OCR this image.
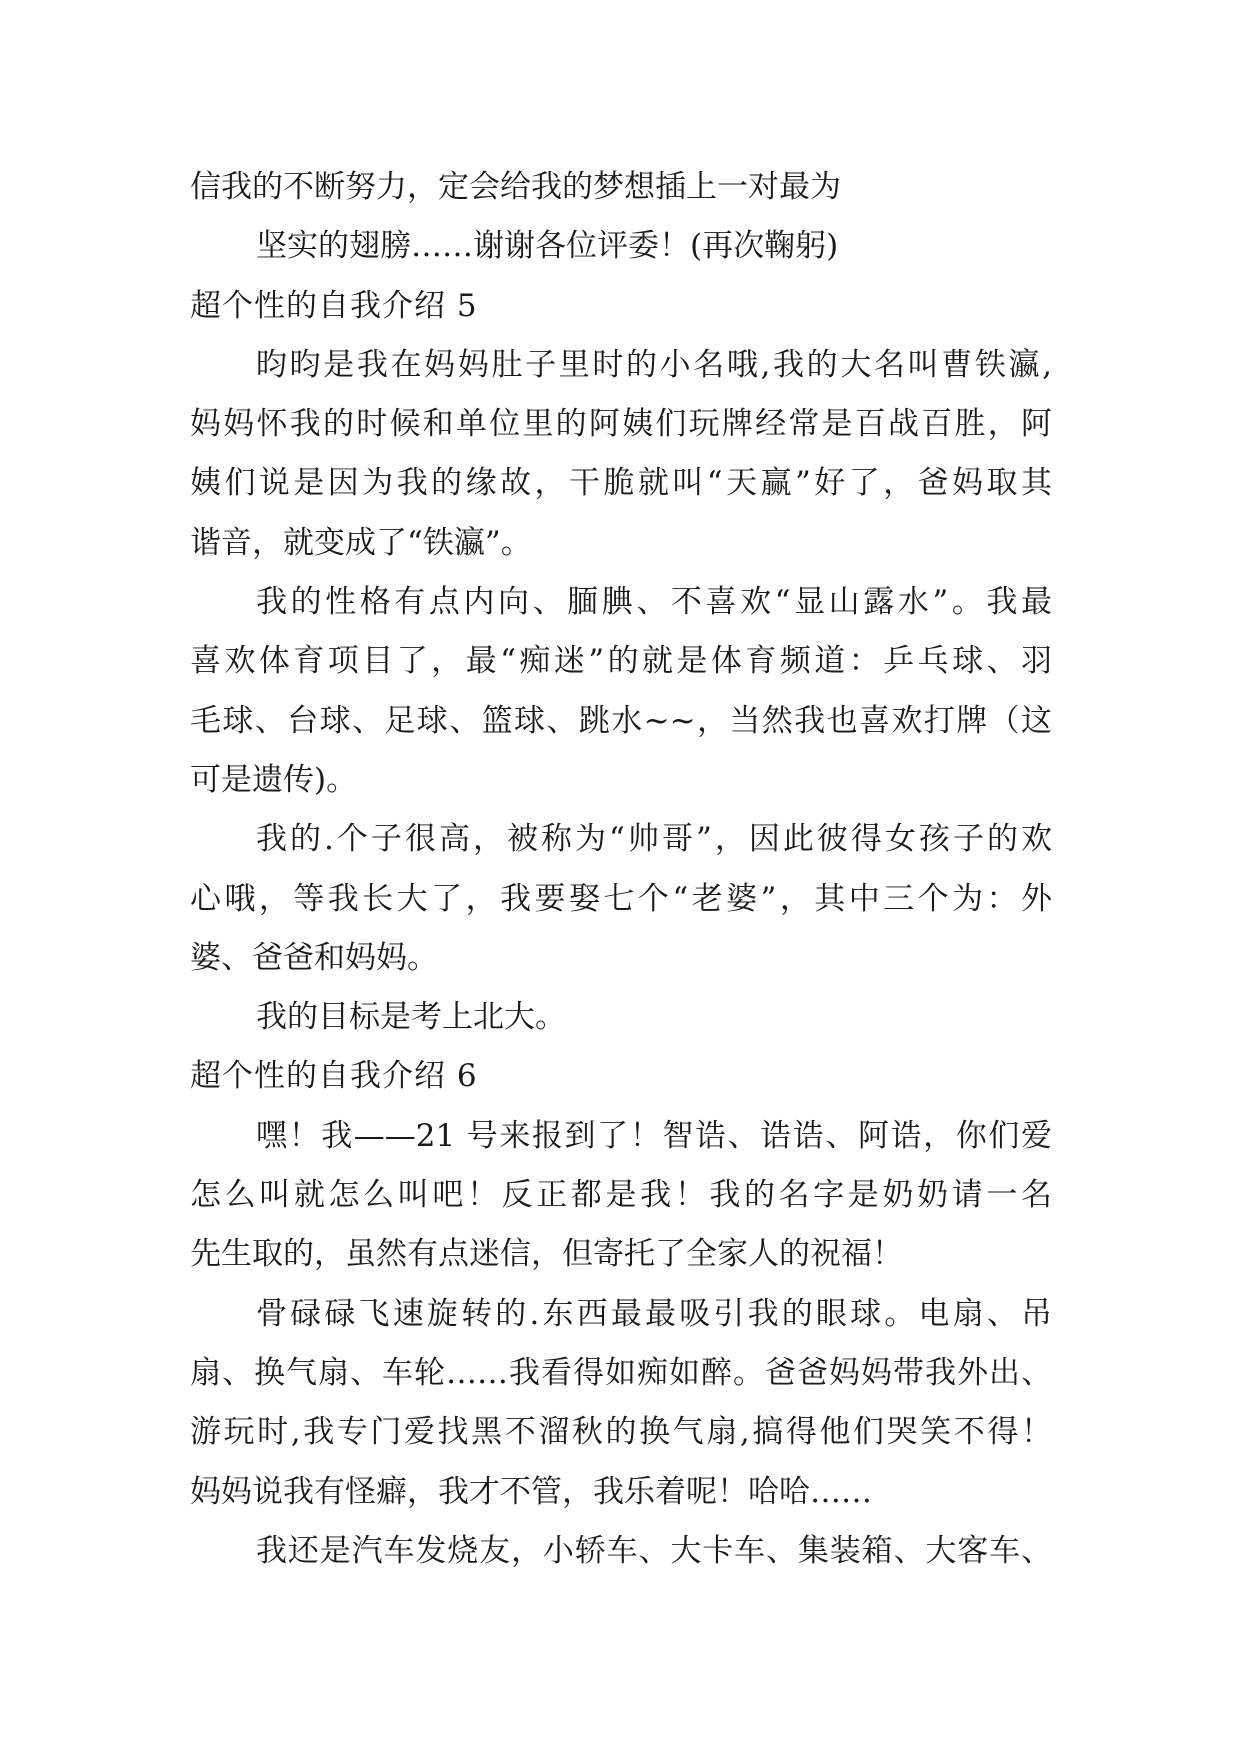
信我的不断努力，定会给我的梦想插上一对最为
坚实的翅膀……谢谢各位评委！(再次鞠躬)
超个性的自我介绍 5
昀昀是我在妈妈肚子里时的小名哦,我的大名叫曹铁瀛,
妈妈怀我的时候和单位里的阿姨们玩牌经常是百战百胜，阿
姨们说是因为我的缘故，干脆就叫“天赢”好了，爸妈取其
谐音，就变成了“铁瀛”。
我的性格有点内向、腼腆、不喜欢“显山露水”。我最
喜欢体育项目了，最“痴迷”的就是体育频道：乒乓球、羽
毛球、台球、足球、篮球、跳水~~，当然我也喜欢打牌（这
可是遗传)。
我的.个子很高，被称为“帅哥”，因此彼得女孩子的欢
心哦，等我长大了，我要娶七个“老婆”，其中三个为：外
婆、爸爸和妈妈。
我的目标是考上北大。
超个性的自我介绍 6
嘿！我——21 号来报到了！智诰、诰诰、阿诰，你们爱
怎么叫就怎么叫吧！反正都是我！我的名字是奶奶请一名
先生取的，虽然有点迷信，但寄托了全家人的祝福！
骨碌碌飞速旋转的.东西最最吸引我的眼球。电扇、吊
扇、换气扇、车轮……我看得如痴如醉。爸爸妈妈带我外出、
游玩时,我专门爱找黑不溜秋的换气扇,搞得他们哭笑不得！
妈妈说我有怪癖，我才不管，我乐着呢！哈哈……
我还是汽车发烧友，小轿车、大卡车、集装箱、大客车、
